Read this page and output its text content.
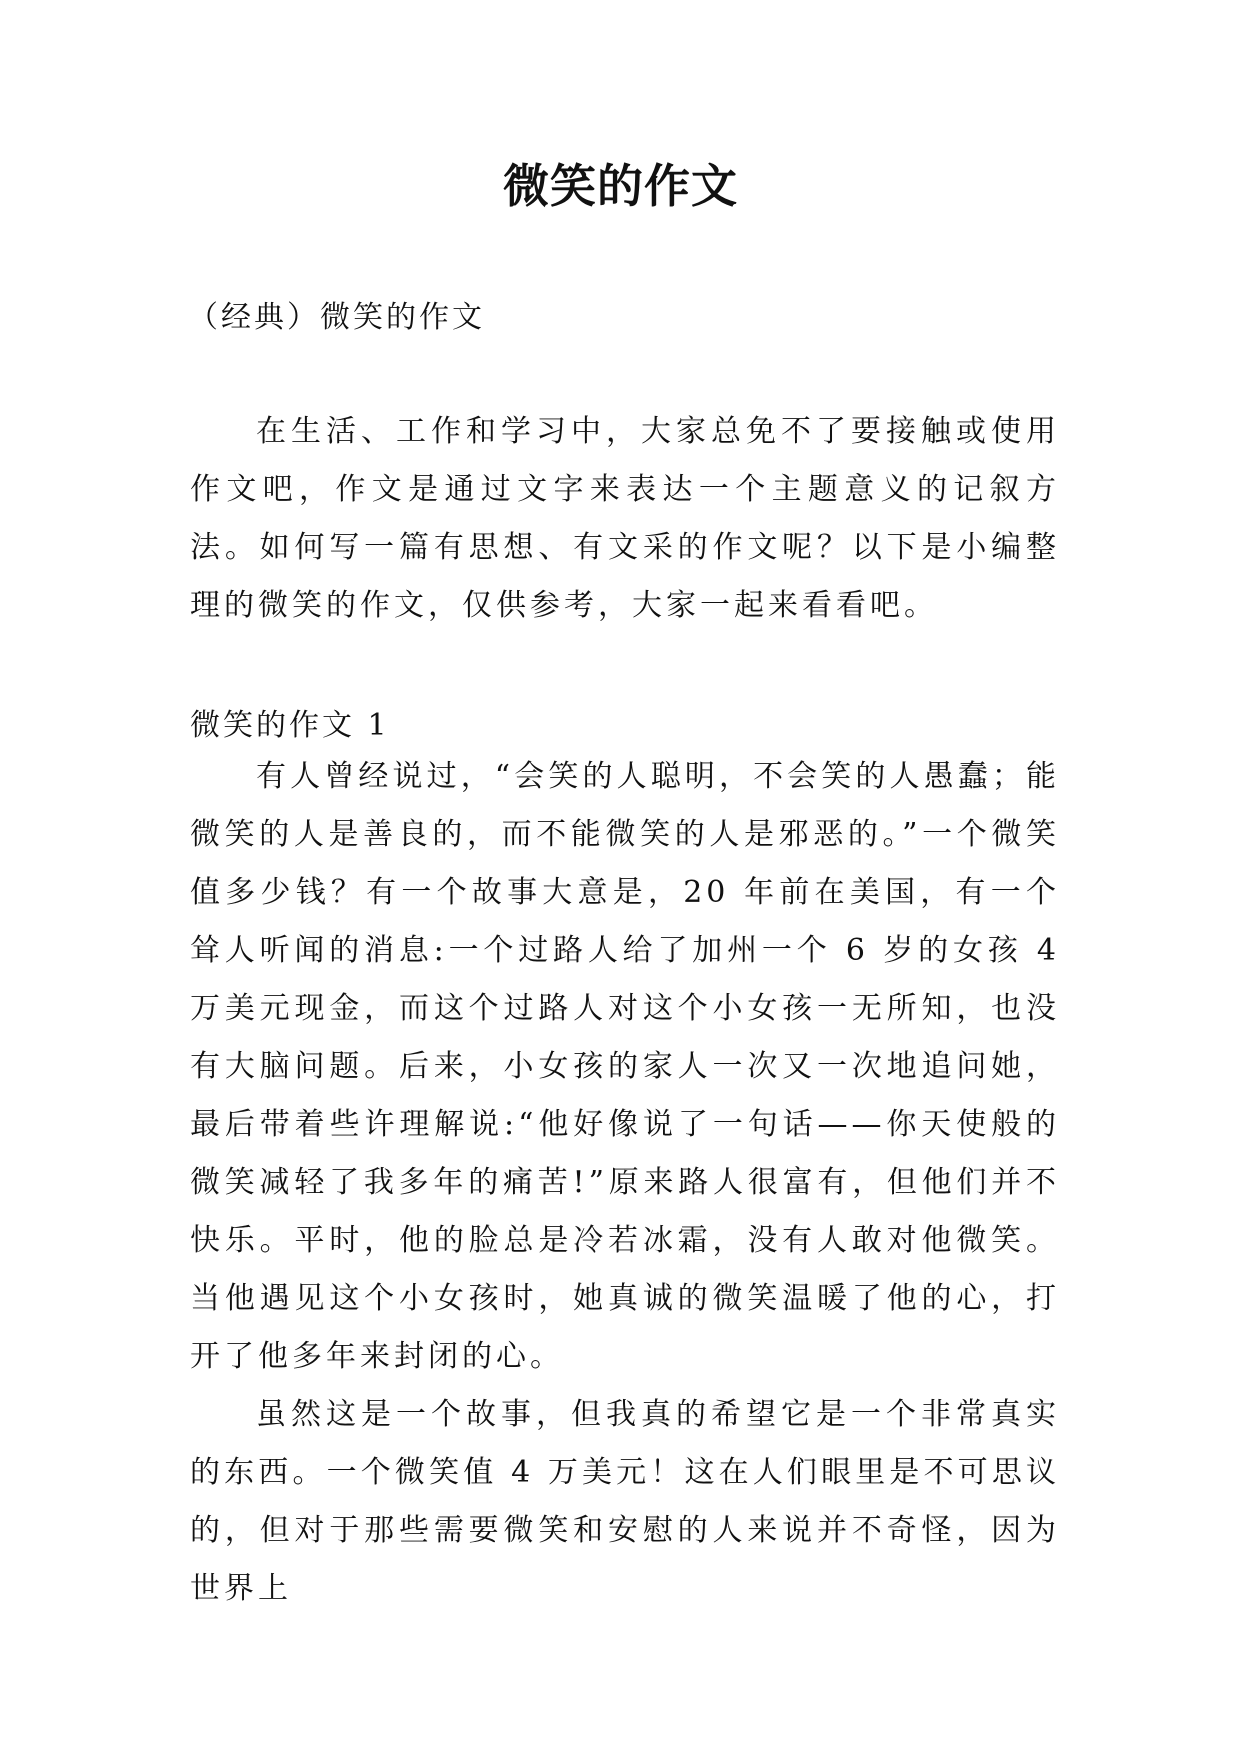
微笑的作文
（经典）微笑的作文

在生活、工作和学习中，大家总免不了要接触或使用作文吧，作文是通过文字来表达一个主题意义的记叙方法。如何写一篇有思想、有文采的作文呢？以下是小编整理的微笑的作文，仅供参考，大家一起来看看吧。

微笑的作文 1

有人曾经说过，“会笑的人聪明，不会笑的人愚蠢；能微笑的人是善良的，而不能微笑的人是邪恶的。”一个微笑值多少钱？有一个故事大意是，20 年前在美国，有一个耸人听闻的消息:一个过路人给了加州一个 6 岁的女孩 4 万美元现金，而这个过路人对这个小女孩一无所知，也没有大脑问题。后来，小女孩的家人一次又一次地追问她，最后带着些许理解说:“他好像说了一句话——你天使般的微笑减轻了我多年的痛苦!”原来路人很富有，但他们并不快乐。平时，他的脸总是冷若冰霜，没有人敢对他微笑。当他遇见这个小女孩时，她真诚的微笑温暖了他的心，打开了他多年来封闭的心。

虽然这是一个故事，但我真的希望它是一个非常真实的东西。一个微笑值 4 万美元！这在人们眼里是不可思议的，但对于那些需要微笑和安慰的人来说并不奇怪，因为世界上
